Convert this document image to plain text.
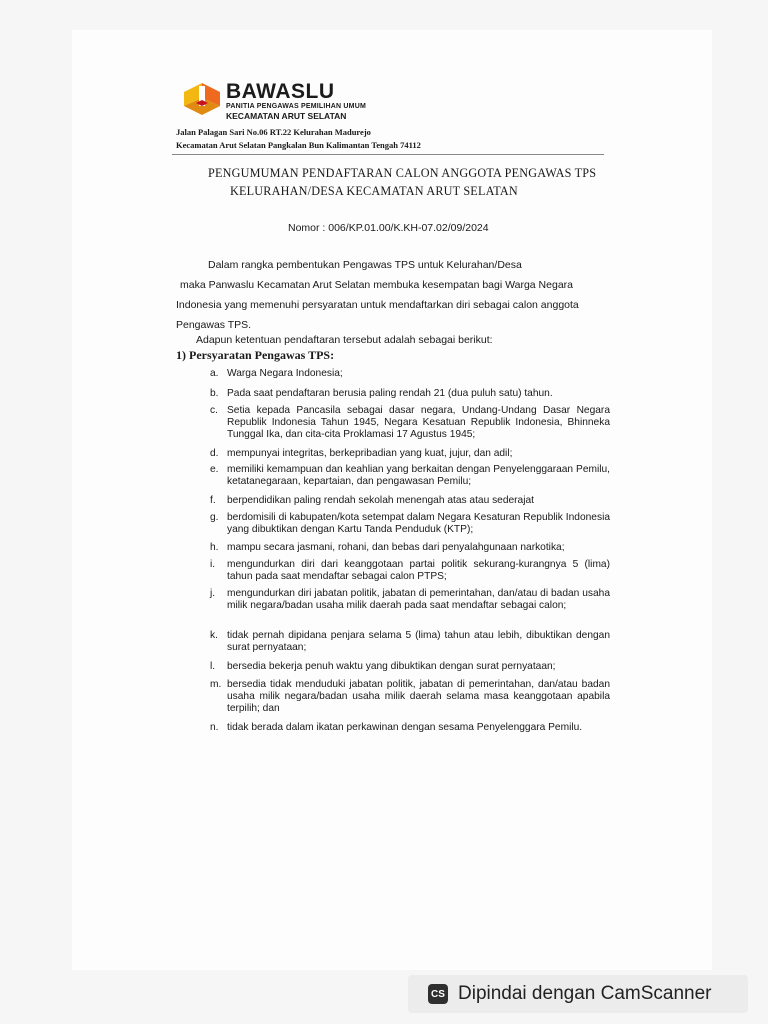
BAWASLU
PANITIA PENGAWAS PEMILIHAN UMUM
KECAMATAN ARUT SELATAN
Jalan Palagan Sari No.06 RT.22 Kelurahan Madurejo
Kecamatan Arut Selatan Pangkalan Bun Kalimantan Tengah 74112
PENGUMUMAN PENDAFTARAN CALON ANGGOTA PENGAWAS TPS
KELURAHAN/DESA KECAMATAN ARUT SELATAN
Nomor : 006/KP.01.00/K.KH-07.02/09/2024
Dalam rangka pembentukan Pengawas TPS untuk Kelurahan/Desa
maka Panwaslu Kecamatan Arut Selatan membuka kesempatan bagi Warga Negara
Indonesia yang memenuhi persyaratan untuk mendaftarkan diri sebagai calon anggota
Pengawas TPS.
Adapun ketentuan pendaftaran tersebut adalah sebagai berikut:
1) Persyaratan Pengawas TPS:
a. Warga Negara Indonesia;
b. Pada saat pendaftaran berusia paling rendah 21 (dua puluh satu) tahun.
c. Setia kepada Pancasila sebagai dasar negara, Undang-Undang Dasar Negara Republik Indonesia Tahun 1945, Negara Kesatuan Republik Indonesia, Bhinneka Tunggal Ika, dan cita-cita Proklamasi 17 Agustus 1945;
d. mempunyai integritas, berkepribadian yang kuat, jujur, dan adil;
e. memiliki kemampuan dan keahlian yang berkaitan dengan Penyelenggaraan Pemilu, ketatanegaraan, kepartaian, dan pengawasan Pemilu;
f.	berpendidikan paling rendah sekolah menengah atas atau sederajat
g. berdomisili di kabupaten/kota setempat dalam Negara Kesaturan Republik Indonesia yang dibuktikan dengan Kartu Tanda Penduduk (KTP);
h. mampu secara jasmani, rohani, dan bebas dari penyalahgunaan narkotika;
i.	mengundurkan diri dari keanggotaan partai politik sekurang-kurangnya 5 (lima) tahun pada saat mendaftar sebagai calon PTPS;
j.	mengundurkan diri jabatan politik, jabatan di pemerintahan, dan/atau di badan usaha milik negara/badan usaha milik daerah pada saat mendaftar sebagai calon;
k. tidak pernah dipidana penjara selama 5 (lima) tahun atau lebih, dibuktikan dengan surat pernyataan;
l.	bersedia bekerja penuh waktu yang dibuktikan dengan surat pernyataan;
m. bersedia tidak menduduki jabatan politik, jabatan di pemerintahan, dan/atau badan usaha milik negara/badan usaha milik daerah selama masa keanggotaan apabila terpilih; dan
n. tidak berada dalam ikatan perkawinan dengan sesama Penyelenggara Pemilu.
CS Dipindai dengan CamScanner
